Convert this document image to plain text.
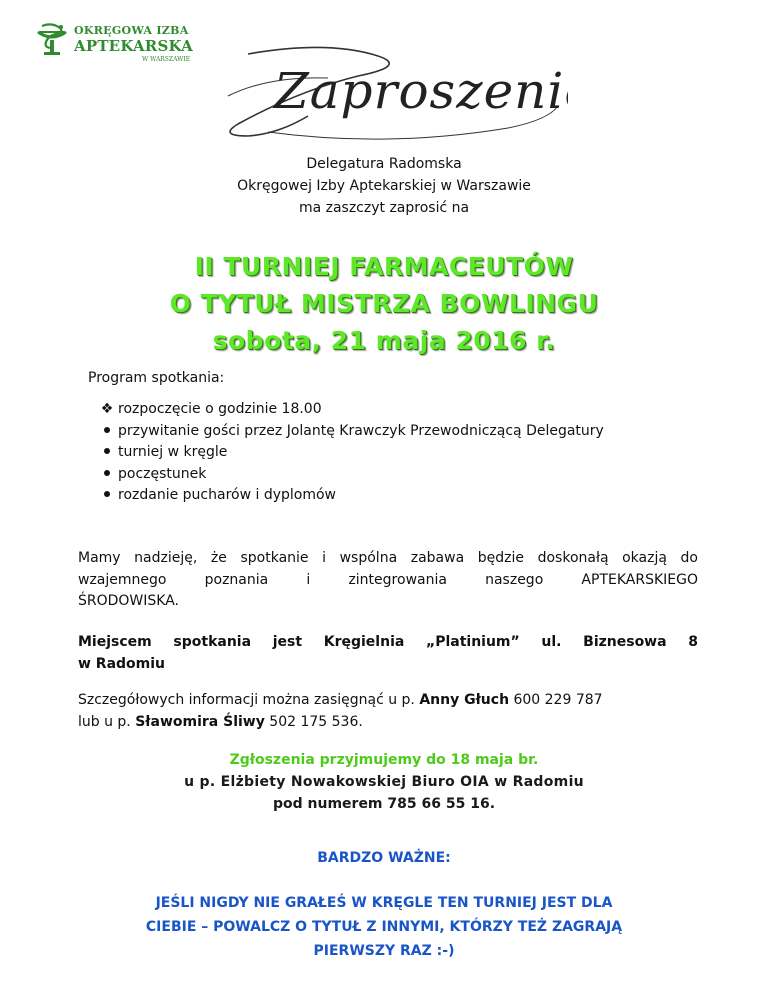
OKRĘGOWA IZBA
APTEKARSKA
W WARSZAWIE
Zaproszenie
Delegatura Radomska
Okręgowej Izby Aptekarskiej w Warszawie
ma zaszczyt zaprosić na
II TURNIEJ FARMACEUTÓW
O TYTUŁ MISTRZA BOWLINGU
sobota, 21 maja 2016 r.
Program spotkania:
❖ rozpoczęcie o godzinie 18.00
przywitanie gości przez Jolantę Krawczyk Przewodniczącą Delegatury
turniej w kręgle
poczęstunek
rozdanie pucharów i dyplomów
Mamy nadzieję, że spotkanie i wspólna zabawa będzie doskonałą okazją do
wzajemnego poznania i zintegrowania naszego APTEKARSKIEGO
ŚRODOWISKA.
Miejscem spotkania jest Kręgielnia „Platinium” ul. Biznesowa 8
w Radomiu
Szczegółowych informacji można zasięgnąć u p. Anny Głuch 600 229 787
lub u p. Sławomira Śliwy 502 175 536.
Zgłoszenia przyjmujemy do 18 maja br.
u p. Elżbiety Nowakowskiej Biuro OIA w Radomiu
pod numerem 785 66 55 16.
BARDZO WAŻNE:
JEŚLI NIGDY NIE GRAŁEŚ W KRĘGLE TEN TURNIEJ JEST DLA
CIEBIE – POWALCZ O TYTUŁ Z INNYMI, KTÓRZY TEŻ ZAGRAJĄ
PIERWSZY RAZ :-)
